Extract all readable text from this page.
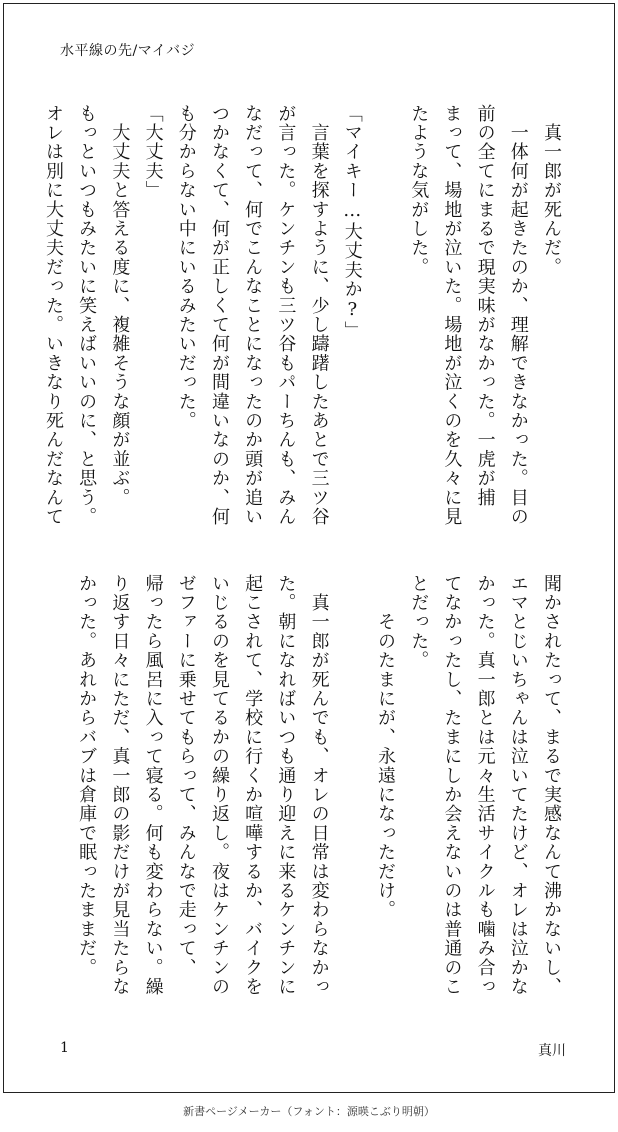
水平線の先/マイバジ
　真一郎が死んだ。
　一体何が起きたのか、理解できなかった。目の
前の全てにまるで現実味がなかった。一虎が捕
まって、場地が泣いた。場地が泣くのを久々に見
たような気がした。

「マイキー…大丈夫か?」
　言葉を探すように、少し躊躇したあとで三ツ谷
が言った。ケンチンも三ツ谷もパーちんも、みん
なだって、何でこんなことになったのか頭が追い
つかなくて、何が正しくて何が間違いなのか、何
も分からない中にいるみたいだった。
「大丈夫」
　大丈夫と答える度に、複雑そうな顔が並ぶ。
もっといつもみたいに笑えばいいのに、と思う。
オレは別に大丈夫だった。いきなり死んだなんて
聞かされたって、まるで実感なんて沸かないし、
エマとじいちゃんは泣いてたけど、オレは泣かな
かった。真一郎とは元々生活サイクルも噛み合っ
てなかったし、たまにしか会えないのは普通のこ
とだった。
　　そのたまにが、永遠になっただけ。

　真一郎が死んでも、オレの日常は変わらなかっ
た。朝になればいつも通り迎えに来るケンチンに
起こされて、学校に行くか喧嘩するか、バイクを
いじるのを見てるかの繰り返し。夜はケンチンの
ゼファーに乗せてもらって、みんなで走って、
帰ったら風呂に入って寝る。何も変わらない。繰
り返す日々にただ、真一郎の影だけが見当たらな
かった。あれからバブは倉庫で眠ったままだ。
1	真川
新書ページメーカー（フォント：源暎こぶり明朝）
